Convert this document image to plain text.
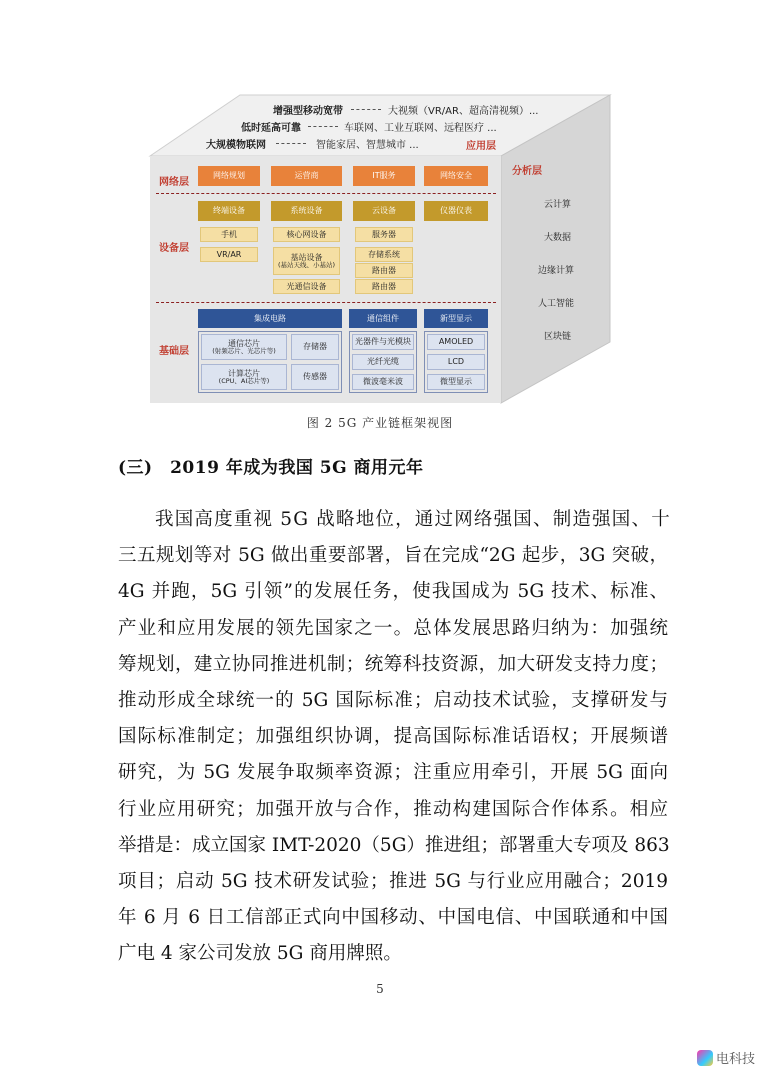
增强型移动宽带	大视频（VR/AR、超高清视频）...
低时延高可靠	车联网、工业互联网、远程医疗 ...
大规模物联网	智能家居、智慧城市 ...	应用层
分析层
云计算
大数据
边缘计算
人工智能
区块链
网络层
网络规划	运营商	IT服务	网络安全
设备层
终端设备	系统设备	云设备	仪器仪表
手机
VR/AR
核心网设备
基站设备
(基站天线、小基站)
光通信设备
服务器
存储系统
路由器
路由器
基础层
集成电路	通信组件	新型显示
通信芯片
(射频芯片、光芯片等)	存储器
计算芯片
(CPU、AI芯片等)	传感器
光器件与光模块
光纤光缆
微波毫米波
AMOLED
LCD
微型显示
图 2 5G 产业链框架视图
(三)　2019 年成为我国 5G 商用元年
我国高度重视 5G 战略地位，通过网络强国、制造强国、十
三五规划等对 5G 做出重要部署，旨在完成“2G 起步，3G 突破，
4G 并跑，5G 引领”的发展任务，使我国成为 5G 技术、标准、
产业和应用发展的领先国家之一。总体发展思路归纳为：加强统
筹规划，建立协同推进机制；统筹科技资源，加大研发支持力度；
推动形成全球统一的 5G 国际标准；启动技术试验，支撑研发与
国际标准制定；加强组织协调，提高国际标准话语权；开展频谱
研究，为 5G 发展争取频率资源；注重应用牵引，开展 5G 面向
行业应用研究；加强开放与合作，推动构建国际合作体系。相应
举措是：成立国家 IMT-2020（5G）推进组；部署重大专项及 863
项目；启动 5G 技术研发试验；推进 5G 与行业应用融合；2019
年 6 月 6 日工信部正式向中国移动、中国电信、中国联通和中国
广电 4 家公司发放 5G 商用牌照。
5
电科技
